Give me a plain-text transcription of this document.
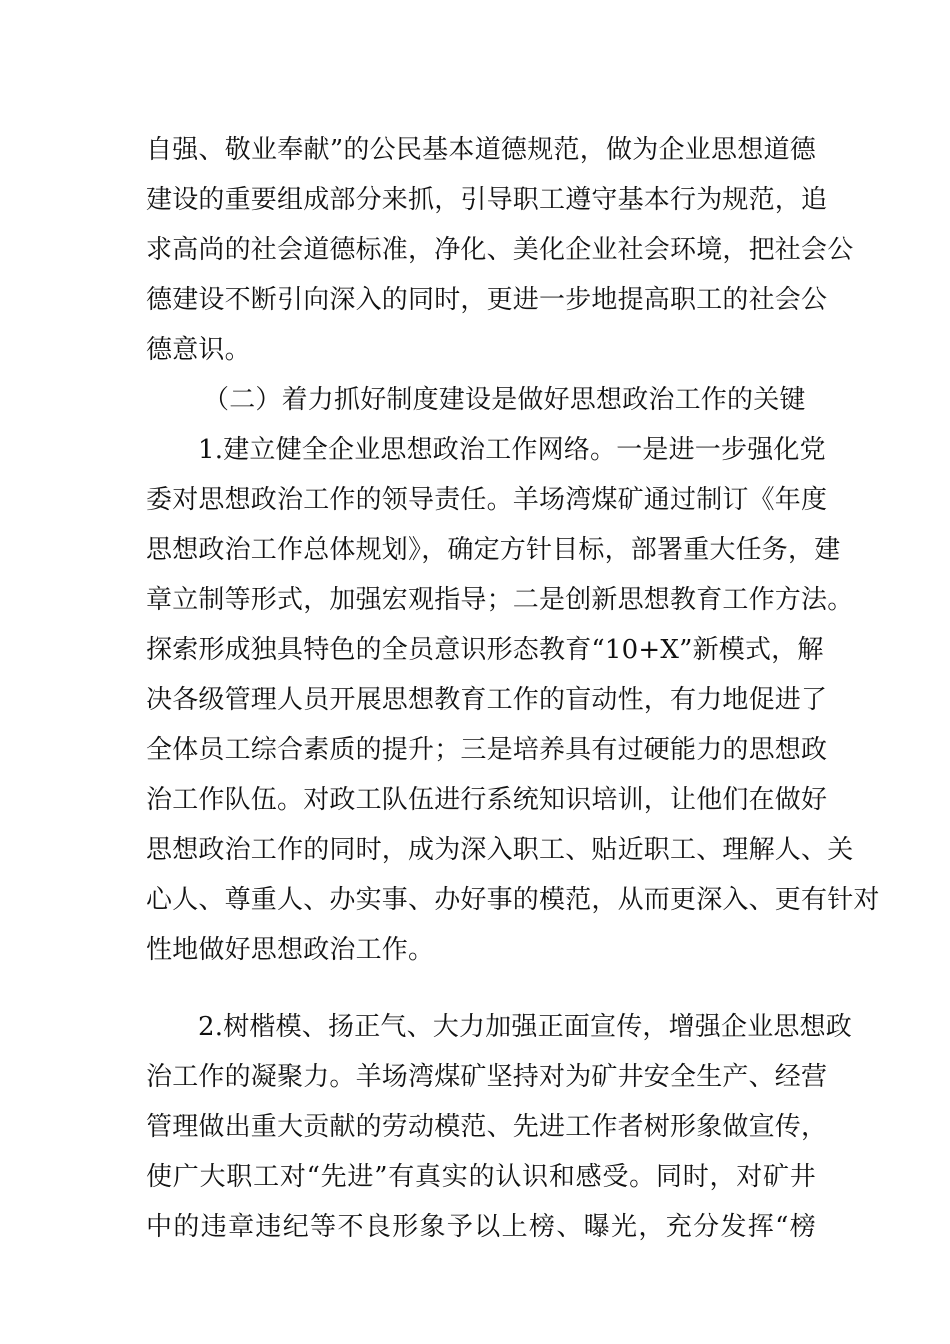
自强、敬业奉献”的公民基本道德规范，做为企业思想道德
建设的重要组成部分来抓，引导职工遵守基本行为规范，追
求高尚的社会道德标准，净化、美化企业社会环境，把社会公
德建设不断引向深入的同时，更进一步地提高职工的社会公
德意识。
（二）着力抓好制度建设是做好思想政治工作的关键
1.建立健全企业思想政治工作网络。一是进一步强化党
委对思想政治工作的领导责任。羊场湾煤矿通过制订《年度
思想政治工作总体规划》，确定方针目标，部署重大任务，建
章立制等形式，加强宏观指导；二是创新思想教育工作方法。
探索形成独具特色的全员意识形态教育“10+X”新模式，解
决各级管理人员开展思想教育工作的盲动性，有力地促进了
全体员工综合素质的提升；三是培养具有过硬能力的思想政
治工作队伍。对政工队伍进行系统知识培训，让他们在做好
思想政治工作的同时，成为深入职工、贴近职工、理解人、关
心人、尊重人、办实事、办好事的模范，从而更深入、更有针对
性地做好思想政治工作。
2.树楷模、扬正气、大力加强正面宣传，增强企业思想政
治工作的凝聚力。羊场湾煤矿坚持对为矿井安全生产、经营
管理做出重大贡献的劳动模范、先进工作者树形象做宣传，
使广大职工对“先进”有真实的认识和感受。同时，对矿井
中的违章违纪等不良形象予以上榜、曝光，充分发挥“榜
